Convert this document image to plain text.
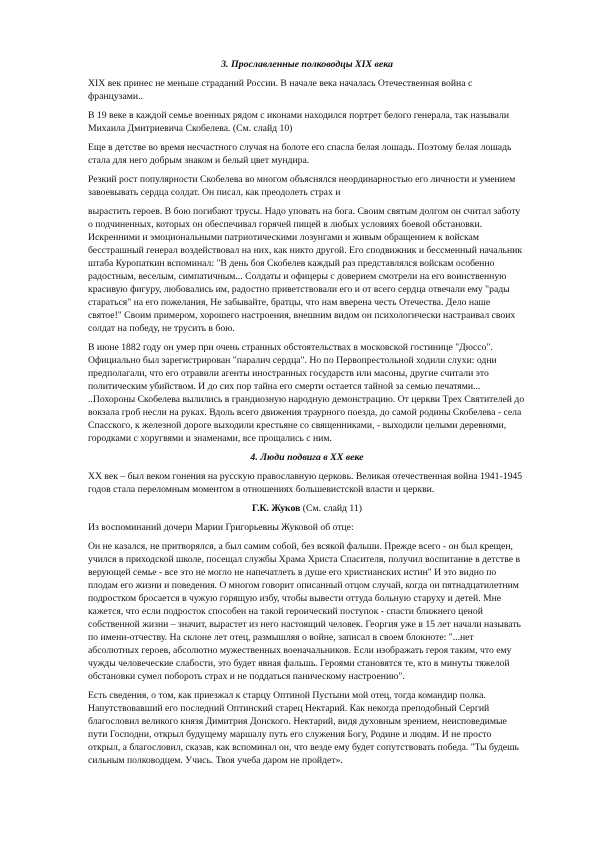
3. Прославленные полководцы XIX века

XIX век принес не меньше страданий России. В начале века началась Отечественная война с французами..

В 19 веке в каждой семье военных рядом с иконами находился портрет белого генерала, так называли Михаила Дмитриевича Скобелева. (См. слайд 10)

Еще в детстве во время несчастного случая на болоте его спасла белая лошадь. Поэтому белая лошадь стала для него добрым знаком и белый цвет мундира.

Резкий рост популярности Скобелева во многом объяснялся неординарностью его личности и умением завоевывать сердца солдат. Он писал, как преодолеть страх и

вырастить героев. В бою погибают трусы. Надо уповать на бога. Своим святым долгом он считал заботу о подчиненных, которых он обеспечивал горячей пищей в любых условиях боевой обстановки. Искренними и эмоциональными патриотическими лозунгами и живым обращением к войскам бесстрашный генерал воздействовал на них, как никто другой. Его сподвижник и бессменный начальник штаба Куропаткин вспоминал: "В день боя Скобелев каждый раз представлялся войскам особенно радостным, веселым, симпатичным... Солдаты и офицеры с доверием смотрели на его воинственную красивую фигуру, любовались им, радостно приветствовали его и от всего сердца отвечали ему "рады стараться" на его пожелания, Не забывайте, братцы, что нам вверена честь Отечества. Дело наше святое!" Своим примером, хорошего настроения, внешним видом он психологически настраивал своих солдат на победу, не трусить в бою.

В июне 1882 году он умер при очень странных обстоятельствах в московской гостинице "Дюссо". Официально был зарегистрирован "паралич сердца". Но по Первопрестольной ходили слухи: одни предполагали, что его отравили агенты иностранных государств или масоны, другие считали это политическим убийством. И до сих пор тайна его смерти остается тайной за семью печатями... ..Похороны Скобелева вылились в грандиозную народную демонстрацию. От церкви Трех Святителей до вокзала гроб несли на руках. Вдоль всего движения траурного поезда, до самой родины Скобелева - села Спасского, к железной дороге выходили крестьяне со священниками, - выходили целыми деревнями, городками с хоругвями и знаменами, все прощались с ним.

4. Люди подвига в XX веке

XX век – был веком гонения на русскую православную церковь. Великая отечественная война 1941-1945 годов стала переломным моментом в отношениях большевистской власти и церкви.

Г.К. Жуков (См. слайд 11)

Из воспоминаний дочери Марии Григорьевны Жуковой об отце:

Он не казался, не притворялся, а был самим собой, без всякой фальши. Прежде всего - он был крещен, учился в приходской школе, посещал службы Храма Христа Спасителя, получил воспитание в детстве в верующей семье - все это не могло не напечатлеть в душе его христианских истин" И это видно по плодам его жизни и поведения. О многом говорит описанный отцом случай, когда он пятнадцатилетним подростком бросается в чужую горящую избу, чтобы вывести оттуда больную старуху и детей. Мне кажется, что если подросток способен на такой героический поступок - спасти ближнего ценой собственной жизни – значит, вырастет из него настоящий человек. Георгия уже в 15 лет начали называть по имени-отчеству. На склоне лет отец, размышляя о войне, записал в своем блокноте: "...нет абсолютных героев, абсолютно мужественных военачальников. Если изображать героя таким, что ему чужды человеческие слабости, это будет явная фальшь. Героями становятся те, кто в минуты тяжелой обстановки сумел побороть страх и не поддаться паническому настроению".

Есть сведения, о том, как приезжал к старцу Оптиной Пустыни мой отец, тогда командир полка. Напутствовавший его последний Оптинский старец Нектарий. Как некогда преподобный Сергий благословил великого князя Димитрия Донского. Нектарий, видя духовным зрением, неисповедимые пути Господни, открыл будущему маршалу путь его служения Богу, Родине и людям. И не просто открыл, а благословил, сказав, как вспоминал он, что везде ему будет сопутствовать победа. "Ты будешь сильным полководцем. Учись. Твоя учеба даром не пройдет».
